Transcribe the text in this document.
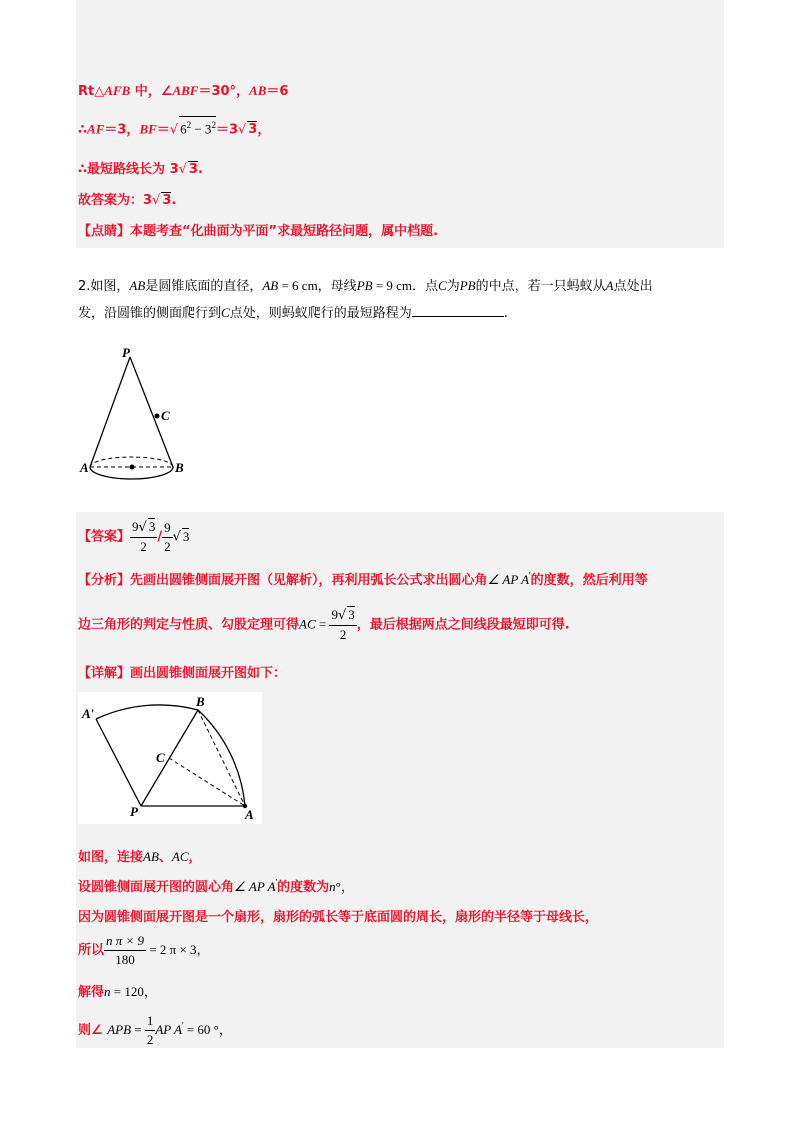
Rt△AFB 中，∠ABF＝30°，AB＝6
∴AF＝3，BF＝√ $6^2 - 3^2=3√$ 3，
∴最短路线长为 3√ 3.
故答案为：3√ 3.
【点睛】本题考查“化曲面为平面”求最短路径问题，属中档题.
2.如图，AB是圆锥底面的直径，AB = 6 cm，母线PB = 9 cm．点C为PB的中点，若一只蚂蚁从A点处出
发，沿圆锥的侧面爬行到C点处，则蚂蚁爬行的最短路程为	.
P
C
A	B
【答案】 $\frac{9√ 3}{2} / \frac{9}{2}$ √ 3
【分析】先画出圆锥侧面展开图（见解析），再利用弧长公式求出圆心角∠ AP A'的度数，然后利用等
边三角形的判定与性质、勾股定理可得AC = $\frac{9√ 3}{2}$ ，最后根据两点之间线段最短即可得.
【详解】画出圆锥侧面展开图如下：
A′
B
C
P	A
如图，连接AB、AC，
设圆锥侧面展开图的圆心角∠ AP A'的度数为n°，
因为圆锥侧面展开图是一个扇形，扇形的弧长等于底面圆的周长，扇形的半径等于母线长，
所以 $\frac{\text{n π × 9}}{180} = 2$ π × 3，
解得n = 120，
则∠ APB = $\frac{1}{2}$ AP A' = 60 °，
